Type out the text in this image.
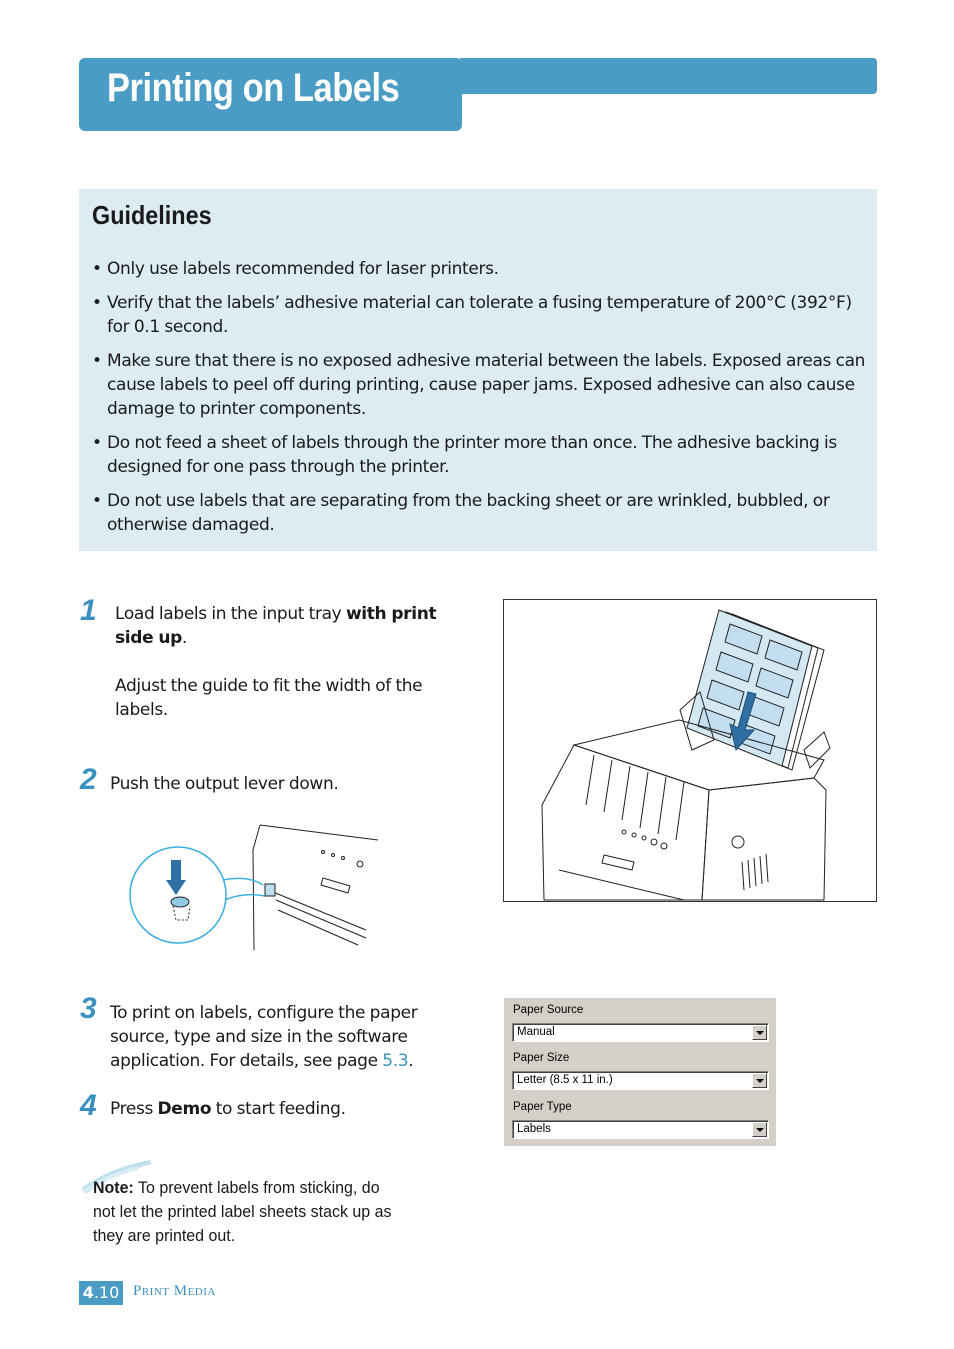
Printing on Labels
Guidelines
• Only use labels recommended for laser printers.
• Verify that the labels’ adhesive material can tolerate a fusing temperature of 200°C (392°F) for 0.1 second.
• Make sure that there is no exposed adhesive material between the labels. Exposed areas can cause labels to peel off during printing, cause paper jams. Exposed adhesive can also cause damage to printer components.
• Do not feed a sheet of labels through the printer more than once. The adhesive backing is designed for one pass through the printer.
• Do not use labels that are separating from the backing sheet or are wrinkled, bubbled, or otherwise damaged.
1 Load labels in the input tray with print side up.
Adjust the guide to fit the width of the labels.
2 Push the output lever down.
3 To print on labels, configure the paper source, type and size in the software application. For details, see page 5.3.
4 Press Demo to start feeding.
Paper Source
Manual
Paper Size
Letter (8.5 x 11 in.)
Paper Type
Labels
Note: To prevent labels from sticking, do not let the printed label sheets stack up as they are printed out.
4.10 Print Media
